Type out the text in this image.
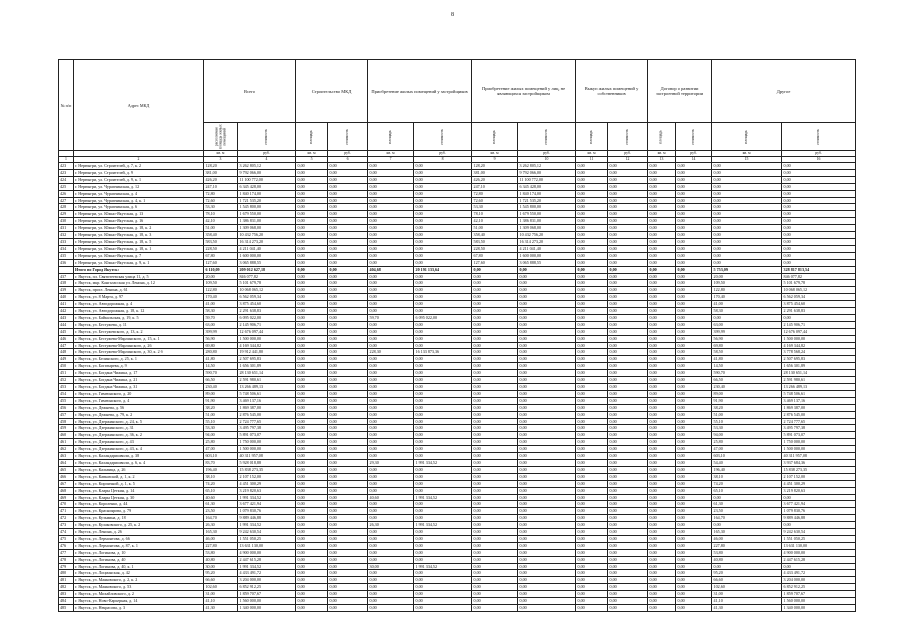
8
№ п/п	Адрес МКД	Всего		Строительство МКД		Приобретение жилых помещений у застройщиков		Приобретение жилых помещений у лиц, не являющихся застройщиком		Выкуп жилых помещений у собственников		Договор о развитии застроенной территории		Другое	

		расселяемая площадь жилых помещений	стоимость	площадь	стоимость	площадь	стоимость	площадь	стоимость	площадь	стоимость	площадь	стоимость	площадь	стоимость

		кв. м	руб.	кв. м	руб.	кв. м	руб.	кв. м	руб.	кв. м	руб.	кв. м	руб.	кв. м	руб.
1	2	3	4	5	6	7	8	9	10	11	12	13	14	15	16
423	г. Нерюнгри, ул. Строителей, д. 7, к. 2	128,20	3 262 805,12	0,00	0,00	0,00	0,00	128,20	3 262 805,12	0,00	0,00	0,00	0,00	0,00	0,00
423	г. Нерюнгри, ул. Строителей, д. 9	381,00	9 792 066,00	0,00	0,00	0,00	0,00	381,00	9 792 066,00	0,00	0,00	0,00	0,00	0,00	0,00
424	г. Нерюнгри, ул. Строителей, д. 9, к. 1	426,20	11 100 772,00	0,00	0,00	0,00	0,00	426,20	11 100 772,00	0,00	0,00	0,00	0,00	0,00	0,00
425	г. Нерюнгри, ул. Чурапчинская, д. 12	247,10	6 345 428,00	0,00	0,00	0,00	0,00	247,10	6 345 428,00	0,00	0,00	0,00	0,00	0,00	0,00
426	г. Нерюнгри, ул. Чурапчинская, д. 4	72,80	1 840 174,00	0,00	0,00	0,00	0,00	72,80	1 840 174,00	0,00	0,00	0,00	0,00	0,00	0,00
427	г. Нерюнгри, ул. Чурапчинская, д. 4, к. 1	72,60	1 721 535,20	0,00	0,00	0,00	0,00	72,60	1 721 535,20	0,00	0,00	0,00	0,00	0,00	0,00
428	г. Нерюнгри, ул. Чурапчинская, д. 6	53,30	1 545 800,00	0,00	0,00	0,00	0,00	53,30	1 545 800,00	0,00	0,00	0,00	0,00	0,00	0,00
429	г. Нерюнгри, ул. Южно-Якутская, д. 13	78,10	1 679 550,00	0,00	0,00	0,00	0,00	78,10	1 679 550,00	0,00	0,00	0,00	0,00	0,00	0,00
430	г. Нерюнгри, ул. Южно-Якутская, д. 16	42,10	1 386 831,00	0,00	0,00	0,00	0,00	42,10	1 386 831,00	0,00	0,00	0,00	0,00	0,00	0,00
431	г. Нерюнгри, ул. Южно-Якутская, д. 18, к. 2	51,00	1 309 068,00	0,00	0,00	0,00	0,00	51,00	1 309 068,00	0,00	0,00	0,00	0,00	0,00	0,00
432	г. Нерюнгри, ул. Южно-Якутская, д. 18, к. 3	358,40	10 432 756,20	0,00	0,00	0,00	0,00	358,40	10 432 756,20	0,00	0,00	0,00	0,00	0,00	0,00
433	г. Нерюнгри, ул. Южно-Якутская, д. 18, к. 5	583,50	16 314 273,20	0,00	0,00	0,00	0,00	583,50	16 314 273,20	0,00	0,00	0,00	0,00	0,00	0,00
434	г. Нерюнгри, ул. Южно-Якутская, д. 18, к. 1	228,50	4 211 041,40	0,00	0,00	0,00	0,00	228,50	4 211 041,40	0,00	0,00	0,00	0,00	0,00	0,00
435	г. Нерюнгри, ул. Южно-Якутская, д. 7	67,80	1 600 000,00	0,00	0,00	0,00	0,00	67,80	1 600 000,00	0,00	0,00	0,00	0,00	0,00	0,00
436	г. Нерюнгри, ул. Южно-Якутская, д. 9, к. 1	127,60	3 065 888,55	0,00	0,00	0,00	0,00	127,60	3 065 888,55	0,00	0,00	0,00	0,00	0,00	0,00
	Итого по Город Якутск:	6 110,09	209 012 627,18	0,00	0,00	404,68	20 191 133,64	0,00	0,00	0,00	0,00	0,00	0,00	5 753,09	328 817 813,54
437	г. Якутск, пл. Святитеевская улица 11, д. 5	20,00	846 077,82	0,00	0,00	0,00	0,00	0,00	0,00	0,00	0,00	0,00	0,00	20,00	846 077,82
438	г. Якутск, мкр. Кангаласская ул. Ленина, д. 12	109,50	5 101 679,78	0,00	0,00	0,00	0,00	0,00	0,00	0,00	0,00	0,00	0,00	109,50	5 101 679,78
439	г. Якутск, прогл. Ленина, д. 61	122,80	10 068 065,12	0,00	0,00	0,00	0,00	0,00	0,00	0,00	0,00	0,00	0,00	122,80	10 068 065,12
440	г. Якутск, ул. 8 Марта, д. 97	170,40	6 562 059,34	0,00	0,00	0,00	0,00	0,00	0,00	0,00	0,00	0,00	0,00	170,40	6 562 059,34
441	г. Якутск, ул. Автодорожная, д. 4	41,00	3 875 454,60	0,00	0,00	0,00	0,00	0,00	0,00	0,00	0,00	0,00	0,00	41,00	3 875 454,60
442	г. Якутск, ул. Автодорожная, д. 18, к. 12	58,30	2 291 638,83	0,00	0,00	0,00	0,00	0,00	0,00	0,00	0,00	0,00	0,00	58,30	2 291 638,83
443	г. Якутск, ул. Байкальская, д. 19, к. 5	59,70	6 095 022,00	0,00	0,00	59,70	6 095 022,00	0,00	0,00	0,00	0,00	0,00	0,00	0,00	0,00
444	г. Якутск, ул. Бестужева, д. 11	63,00	2 145 906,71	0,00	0,00	0,00	0,00	0,00	0,00	0,00	0,00	0,00	0,00	63,00	2 145 906,71
445	г. Якутск, ул. Бестужевского, д. 13, к. 2	399,99	12 676 097,44	0,00	0,00	0,00	0,00	0,00	0,00	0,00	0,00	0,00	0,00	399,99	12 676 097,44
446	г. Якутск, ул. Бестужева-Марлинского, д. 15, к. 1	56,90	1 500 000,00	0,00	0,00	0,00	0,00	0,00	0,00	0,00	0,00	0,00	0,00	56,90	1 500 000,00
447	г. Якутск, ул. Бестужева-Марлинского, д. 26	69,80	4 169 344,82	0,00	0,00	0,00	0,00	0,00	0,00	0,00	0,00	0,00	0,00	69,80	4 169 344,82
448	г. Якутск, ул. Бестужева-Марлинского, д. 30, к. 2 б	280,80	19 912 441,80	0,00	0,00	228,30	16 133 873,36	0,00	0,00	0,00	0,00	0,00	0,00	58,50	3 778 568,24
449	г. Якутск, ул. Белинского, д. 25, к. 1	41,80	2 507 695,83	0,00	0,00	0,00	0,00	0,00	0,00	0,00	0,00	0,00	0,00	41,80	2 507 695,83
450	г. Якутск, ул. Богатырева, д. 9	14,50	1 656 301,89	0,00	0,00	0,00	0,00	0,00	0,00	0,00	0,00	0,00	0,00	14,50	1 656 301,89
451	г. Якутск, ул. Богдана Чижика, д. 17	590,70	28 130 651,14	0,00	0,00	0,00	0,00	0,00	0,00	0,00	0,00	0,00	0,00	590,70	28 130 651,14
452	г. Якутск, ул. Богдана Чижика, д. 21	66,50	2 591 980,61	0,00	0,00	0,00	0,00	0,00	0,00	0,00	0,00	0,00	0,00	66,50	2 591 980,61
453	г. Якутск, ул. Богдана Чижика, д. 31	230,40	13 266 489,13	0,00	0,00	0,00	0,00	0,00	0,00	0,00	0,00	0,00	0,00	230,40	13 266 489,13
454	г. Якутск, ул. Гимеинского, д. 20	89,00	5 748 506,61	0,00	0,00	0,00	0,00	0,00	0,00	0,00	0,00	0,00	0,00	89,00	5 748 506,61
455	г. Якутск, ул. Гимеинского, д. 4	91,90	3 469 137,16	0,00	0,00	0,00	0,00	0,00	0,00	0,00	0,00	0,00	0,00	91,90	3 469 137,16
456	г. Якутск, ул. Дежнева, д. 56	38,20	1 869 387,00	0,00	0,00	0,00	0,00	0,00	0,00	0,00	0,00	0,00	0,00	38,20	1 869 387,00
457	г. Якутск, ул. Дежнева, д. 79, к. 2	51,00	2 876 545,00	0,00	0,00	0,00	0,00	0,00	0,00	0,00	0,00	0,00	0,00	51,00	2 876 545,00
458	г. Якутск, ул. Дзержинского, д. 24, к. 5	55,10	2 724 777,65	0,00	0,00	0,00	0,00	0,00	0,00	0,00	0,00	0,00	0,00	55,10	2 724 777,65
459	г. Якутск, ул. Дзержинского, д. 31	53,30	3 495 797,38	0,00	0,00	0,00	0,00	0,00	0,00	0,00	0,00	0,00	0,00	53,30	3 495 797,38
460	г. Якутск, ул. Дзержинского, д. 36, к. 2	94,00	5 891 073,07	0,00	0,00	0,00	0,00	0,00	0,00	0,00	0,00	0,00	0,00	94,00	5 891 073,07
461	г. Якутск, ул. Дзержинского, д. 43	25,80	1 750 000,00	0,00	0,00	0,00	0,00	0,00	0,00	0,00	0,00	0,00	0,00	25,80	1 750 000,00
462	г. Якутск, ул. Дзержинского, д. 43, к. 4	47,00	1 500 000,00	0,00	0,00	0,00	0,00	0,00	0,00	0,00	0,00	0,00	0,00	47,00	1 500 000,00
463	г. Якутск, ул. Каландаришвили, д. 38	603,10	40 311 957,08	0,00	0,00	0,00	0,00	0,00	0,00	0,00	0,00	0,00	0,00	603,10	40 311 957,08
464	г. Якутск, ул. Каландаришвили, д. 6, к. 4	83,70	5 928 018,88	0,00	0,00	29,30	1 991 334,52	0,00	0,00	0,00	0,00	0,00	0,00	54,40	3 937 684,36
465	г. Якутск, ул. Кальвица, д. 26	196,40	15 838 273,35	0,00	0,00	0,00	0,00	0,00	0,00	0,00	0,00	0,00	0,00	196,40	15 838 273,35
466	г. Якутск, ул. Кавказской, д. 1, к. 2	38,10	2 107 152,00	0,00	0,00	0,00	0,00	0,00	0,00	0,00	0,00	0,00	0,00	38,10	2 107 152,00
467	г. Якутск, ул. Кирпичной, д. 1, к. 5	74,20	4 451 300,29	0,00	0,00	0,00	0,00	0,00	0,00	0,00	0,00	0,00	0,00	74,20	4 451 300,29
468	г. Якутск, ул. Клары Цеткин, д. 14	65,10	3 219 820,63	0,00	0,00	0,00	0,00	0,00	0,00	0,00	0,00	0,00	0,00	65,10	3 219 820,63
469	г. Якутск, ул. Клары Цеткин, д. 30	40,60	1 991 334,52	0,00	0,00	40,60	1 991 334,52	0,00	0,00	0,00	0,00	0,00	0,00	0,00	0,00
470	г. Якутск, ул. Короленко, д. 44	61,30	3 677 421,94	0,00	0,00	0,00	0,00	0,00	0,00	0,00	0,00	0,00	0,00	61,30	3 677 421,94
471	г. Якутск, ул. Красноярова, д. 79	23,50	1 079 830,76	0,00	0,00	0,00	0,00	0,00	0,00	0,00	0,00	0,00	0,00	23,50	1 079 830,76
472	г. Якутск, ул. Кузьмина, д. 18	164,70	9 889 446,88	0,00	0,00	0,00	0,00	0,00	0,00	0,00	0,00	0,00	0,00	164,70	9 889 446,88
473	г. Якутск, ул. Кулаковского, д. 25, к. 2	26,30	1 991 334,52	0,00	0,00	26,30	1 991 334,52	0,00	0,00	0,00	0,00	0,00	0,00	0,00	0,00
474	г. Якутск, ул. Ленина, д. 26	165,30	9 242 630,54	0,00	0,00	0,00	0,00	0,00	0,00	0,00	0,00	0,00	0,00	165,30	9 242 630,54
475	г. Якутск, ул. Лермонтова, д. 66	46,00	1 551 050,25	0,00	0,00	0,00	0,00	0,00	0,00	0,00	0,00	0,00	0,00	46,00	1 551 050,25
476	г. Якутск, ул. Лермонтова, д. 87, к. 1	227,80	13 631 130,00	0,00	0,00	0,00	0,00	0,00	0,00	0,00	0,00	0,00	0,00	227,80	13 631 130,00
477	г. Якутск, ул. Логинова, д. 10	53,80	4 900 000,00	0,00	0,00	0,00	0,00	0,00	0,00	0,00	0,00	0,00	0,00	53,80	4 900 000,00
478	г. Якутск, ул. Логинова, д. 40	40,80	2 447 615,28	0,00	0,00	0,00	0,00	0,00	0,00	0,00	0,00	0,00	0,00	40,80	2 447 615,28
479	г. Якутск, ул. Логинова, д. 40, к. 1	30,00	1 991 334,52	0,00	0,00	30,00	1 991 334,52	0,00	0,00	0,00	0,00	0,00	0,00	0,00	0,00
480	г. Якутск, ул. Лоцманская, д. 42	95,20	4 433 491,72	0,00	0,00	0,00	0,00	0,00	0,00	0,00	0,00	0,00	0,00	95,20	4 433 491,72
481	г. Якутск, ул. Маяковского, д. 2, к. 2	66,60	3 204 000,00	0,00	0,00	0,00	0,00	0,00	0,00	0,00	0,00	0,00	0,00	66,60	3 204 000,00
482	г. Якутск, ул. Маяковского, д. 53	102,60	6 852 912,25	0,00	0,00	0,00	0,00	0,00	0,00	0,00	0,00	0,00	0,00	102,60	6 852 912,25
483	г. Якутск, ул. Михайловского, д. 2	31,00	1 859 707,67	0,00	0,00	0,00	0,00	0,00	0,00	0,00	0,00	0,00	0,00	31,00	1 859 707,67
484	г. Якутск, ул. Ново-Карьерная, д. 14	41,10	1 560 000,00	0,00	0,00	0,00	0,00	0,00	0,00	0,00	0,00	0,00	0,00	41,10	1 560 000,00
485	г. Якутск, ул. Некрасова, д. 3	41,30	1 340 000,00	0,00	0,00	0,00	0,00	0,00	0,00	0,00	0,00	0,00	0,00	41,30	1 340 000,00
